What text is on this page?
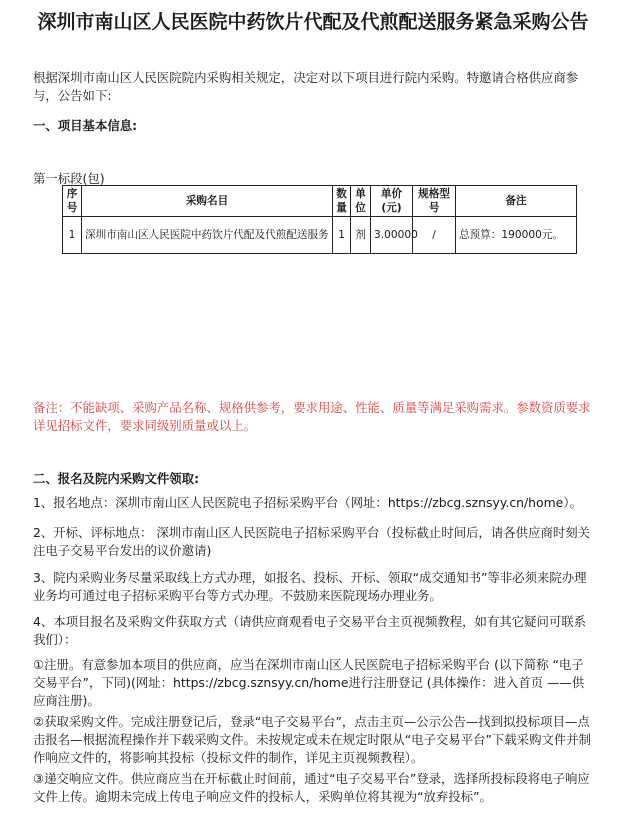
深圳市南山区人民医院中药饮片代配及代煎配送服务紧急采购公告
根据深圳市南山区人民医院院内采购相关规定，决定对以下项目进行院内采购。特邀请合格供应商参与，公告如下:
一、项目基本信息:
第一标段(包)
序号	采购名目	数量	单位	单价(元)	规格型号	备注
1	深圳市南山区人民医院中药饮片代配及代煎配送服务	1	剂	3.00000	/	总预算：190000元。
备注：不能缺项、采购产品名称、规格供参考，要求用途、性能、质量等满足采购需求。参数资质要求详见招标文件，要求同级别质量或以上。
二、报名及院内采购文件领取:
1、报名地点：深圳市南山区人民医院电子招标采购平台（网址：https://zbcg.sznsyy.cn/home）。
2、开标、评标地点： 深圳市南山区人民医院电子招标采购平台（投标截止时间后，请各供应商时刻关注电子交易平台发出的议价邀请)
3、院内采购业务尽量采取线上方式办理，如报名、投标、开标、领取“成交通知书”等非必须来院办理业务均可通过电子招标采购平台等方式办理。不鼓励来医院现场办理业务。
4、本项目报名及采购文件获取方式（请供应商观看电子交易平台主页视频教程，如有其它疑问可联系我们）：
①注册。有意参加本项目的供应商，应当在深圳市南山区人民医院电子招标采购平台 (以下简称 “电子交易平台”，下同)(网址：https://zbcg.sznsyy.cn/home进行注册登记 (具体操作：进入首页 ——供应商注册)。
②获取采购文件。完成注册登记后，登录“电子交易平台”，点击主页—公示公告—找到拟投标项目—点击报名—根据流程操作并下载采购文件。未按规定或未在规定时限从“电子交易平台”下载采购文件并制作响应文件的，将影响其投标（投标文件的制作，详见主页视频教程）。
③递交响应文件。供应商应当在开标截止时间前，通过“电子交易平台”登录，选择所投标段将电子响应文件上传。逾期未完成上传电子响应文件的投标人，采购单位将其视为“放弃投标”。
